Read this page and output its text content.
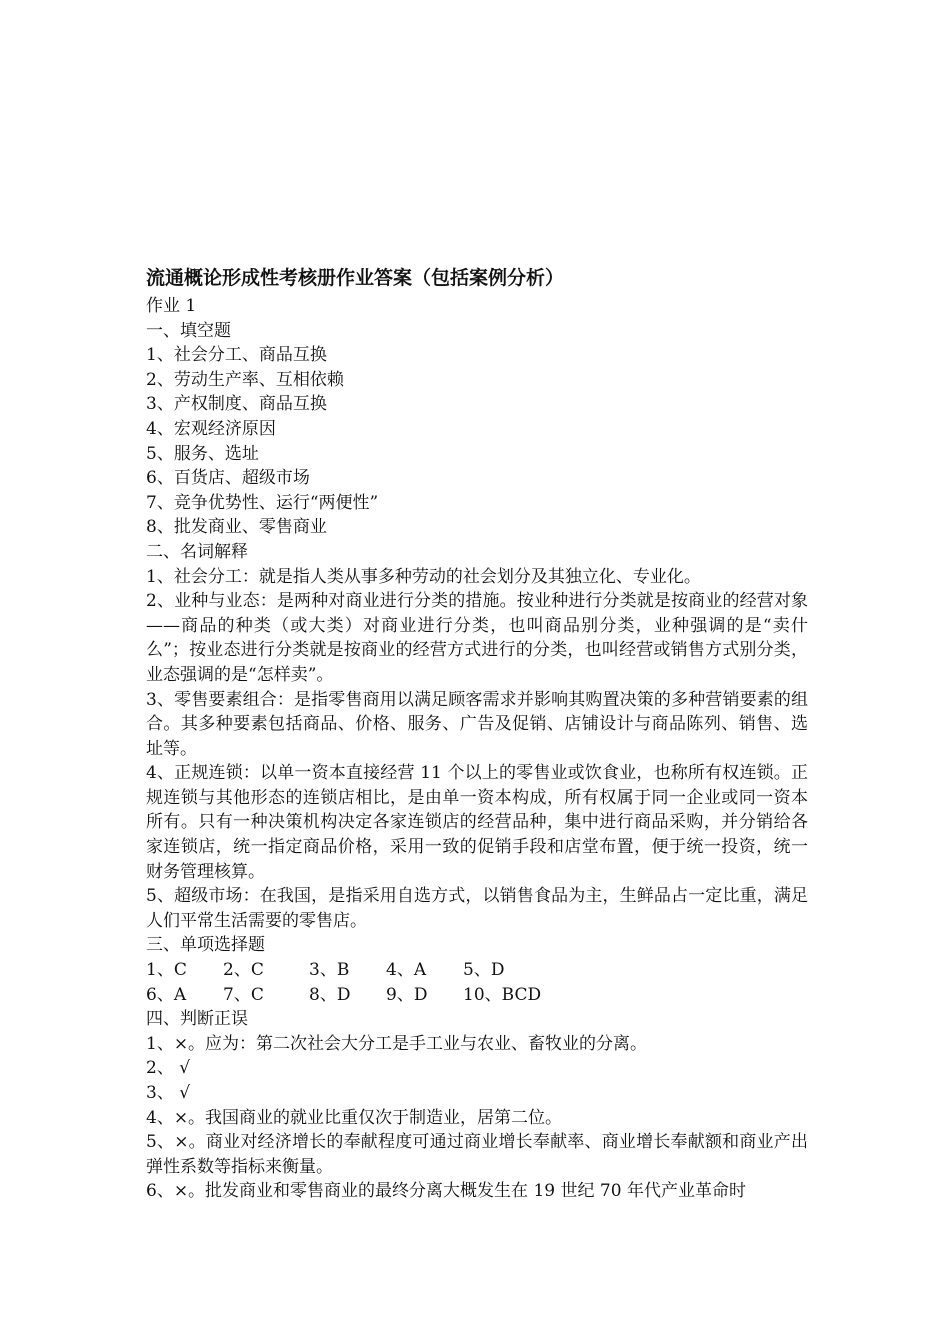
流通概论形成性考核册作业答案（包括案例分析）
作业 1
一、填空题
1、社会分工、商品互换
2、劳动生产率、互相依赖
3、产权制度、商品互换
4、宏观经济原因
5、服务、选址
6、百货店、超级市场
7、竞争优势性、运行“两便性”
8、批发商业、零售商业
二、名词解释
1、社会分工：就是指人类从事多种劳动的社会划分及其独立化、专业化。
2、业种与业态：是两种对商业进行分类的措施。按业种进行分类就是按商业的经营对象——商品的种类（或大类）对商业进行分类，也叫商品别分类，业种强调的是“卖什么”；按业态进行分类就是按商业的经营方式进行的分类，也叫经营或销售方式别分类，业态强调的是“怎样卖”。
3、零售要素组合：是指零售商用以满足顾客需求并影响其购置决策的多种营销要素的组合。其多种要素包括商品、价格、服务、广告及促销、店铺设计与商品陈列、销售、选址等。
4、正规连锁：以单一资本直接经营 11 个以上的零售业或饮食业，也称所有权连锁。正规连锁与其他形态的连锁店相比，是由单一资本构成，所有权属于同一企业或同一资本所有。只有一种决策机构决定各家连锁店的经营品种，集中进行商品采购，并分销给各家连锁店，统一指定商品价格，采用一致的促销手段和店堂布置，便于统一投资，统一财务管理核算。
5、超级市场：在我国，是指采用自选方式，以销售食品为主，生鲜品占一定比重，满足人们平常生活需要的零售店。
三、单项选择题
1、C	2、C	3、B	4、A	5、D
6、A	7、C	8、D	9、D	10、BCD
四、判断正误
1、×。应为：第二次社会大分工是手工业与农业、畜牧业的分离。
2、 √
3、 √
4、×。我国商业的就业比重仅次于制造业，居第二位。
5、×。商业对经济增长的奉献程度可通过商业增长奉献率、商业增长奉献额和商业产出弹性系数等指标来衡量。
6、×。批发商业和零售商业的最终分离大概发生在 19 世纪 70 年代产业革命时
